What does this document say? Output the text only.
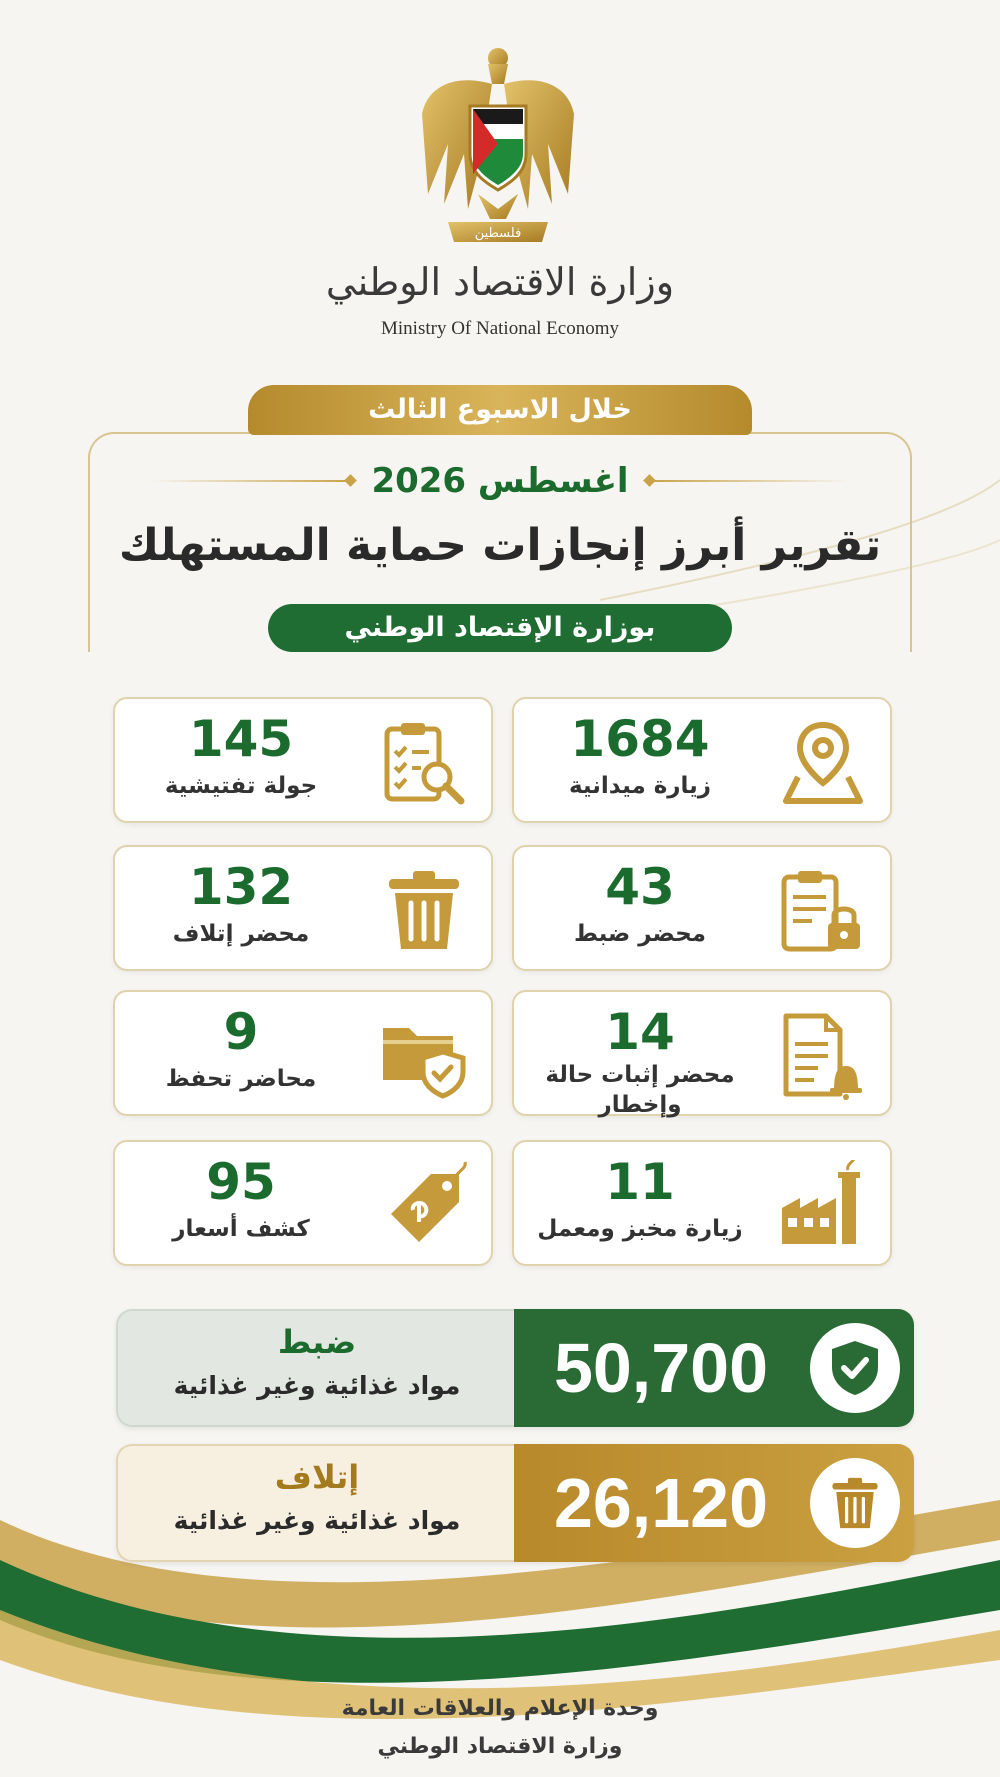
فلسطين
وزارة الاقتصاد الوطني
Ministry Of National Economy
خلال الاسبوع الثالث
اغسطس 2026
تقرير أبرز إنجازات حماية المستهلك
بوزارة الإقتصاد الوطني
1684
زيارة ميدانية
145
جولة تفتيشية
43
محضر ضبط
132
محضر إتلاف
14
محضر إثبات حالة وإخطار
9
محاضر تحفظ
11
زيارة مخبز ومعمل
95
كشف أسعار
ضبط
مواد غذائية وغير غذائية	50,700
إتلاف
مواد غذائية وغير غذائية	26,120
وحدة الإعلام والعلاقات العامة
وزارة الاقتصاد الوطني
